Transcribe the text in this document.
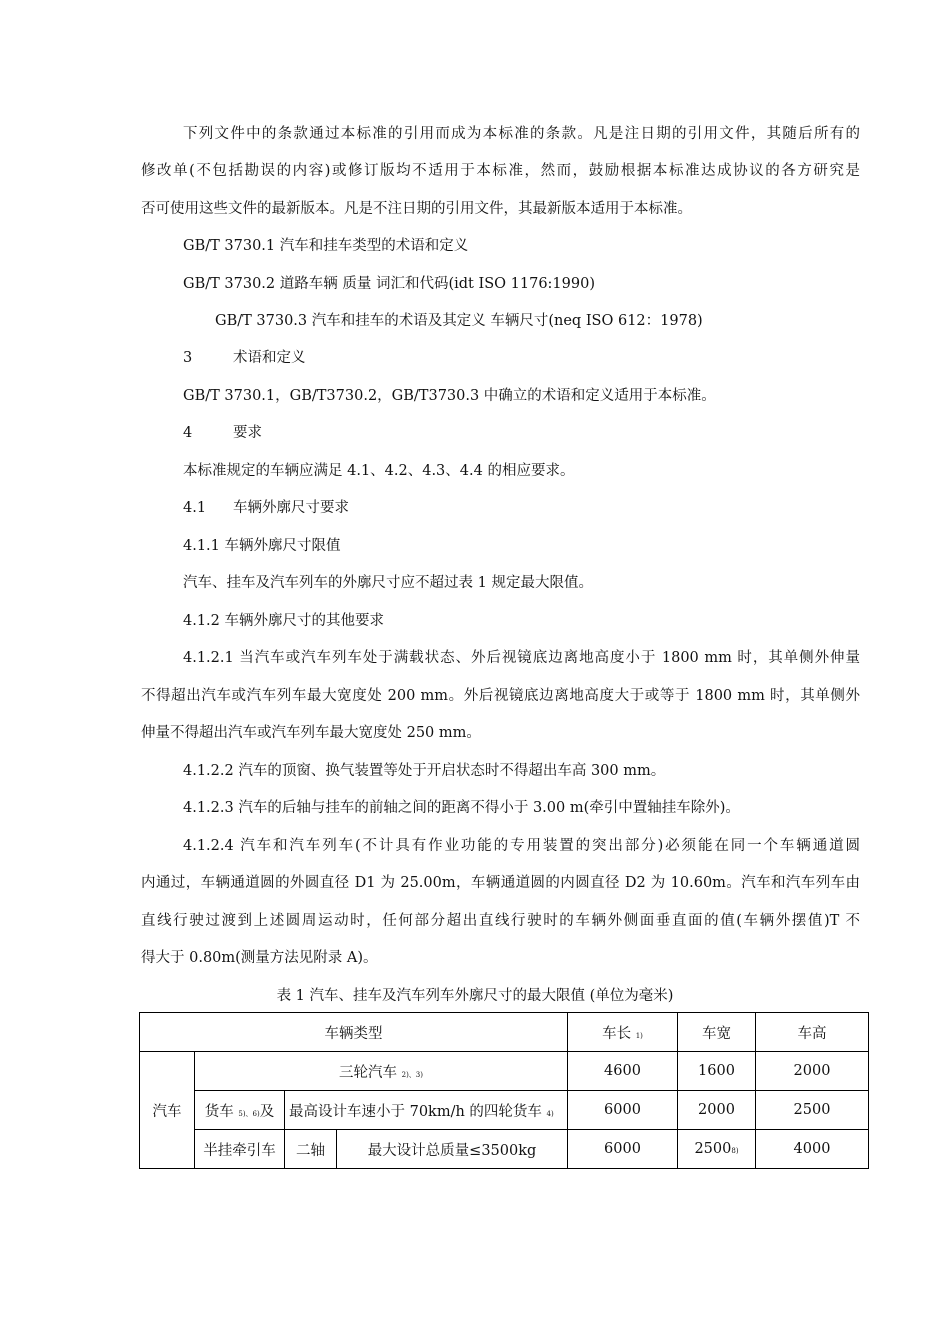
下列文件中的条款通过本标准的引用而成为本标准的条款。凡是注日期的引用文件，其随后所有的
修改单(不包括勘误的内容)或修订版均不适用于本标准，然而，鼓励根据本标准达成协议的各方研究是
否可使用这些文件的最新版本。凡是不注日期的引用文件，其最新版本适用于本标准。
GB/T 3730.1 汽车和挂车类型的术语和定义
GB/T 3730.2 道路车辆 质量 词汇和代码(idt ISO 1176:1990)
GB/T 3730.3 汽车和挂车的术语及其定义 车辆尺寸(neq ISO 612：1978)
3	术语和定义
GB/T 3730.1，GB/T3730.2，GB/T3730.3 中确立的术语和定义适用于本标准。
4	要求
本标准规定的车辆应满足 4.1、4.2、4.3、4.4 的相应要求。
4.1 车辆外廓尺寸要求
4.1.1 车辆外廓尺寸限值
汽车、挂车及汽车列车的外廓尺寸应不超过表 1 规定最大限值。
4.1.2 车辆外廓尺寸的其他要求
4.1.2.1 当汽车或汽车列车处于满载状态、外后视镜底边离地高度小于 1800 mm 时，其单侧外伸量
不得超出汽车或汽车列车最大宽度处 200 mm。外后视镜底边离地高度大于或等于 1800 mm 时，其单侧外
伸量不得超出汽车或汽车列车最大宽度处 250 mm。
4.1.2.2 汽车的顶窗、换气装置等处于开启状态时不得超出车高 300 mm。
4.1.2.3 汽车的后轴与挂车的前轴之间的距离不得小于 3.00 m(牵引中置轴挂车除外)。
4.1.2.4 汽车和汽车列车(不计具有作业功能的专用装置的突出部分)必须能在同一个车辆通道圆
内通过，车辆通道圆的外圆直径 D1 为 25.00m，车辆通道圆的内圆直径 D2 为 10.60m。汽车和汽车列车由
直线行驶过渡到上述圆周运动时，任何部分超出直线行驶时的车辆外侧面垂直面的值(车辆外摆值)T 不
得大于 0.80m(测量方法见附录 A)。
表 1 汽车、挂车及汽车列车外廓尺寸的最大限值 (单位为毫米)
车辆类型				车长 1)	车宽	车高
汽车	三轮汽车 2)、3)			4600	1600	2000
	货车 5)、6)及	最高设计车速小于 70km/h 的四轮货车 4)		6000	2000	2500
	半挂牵引车	二轴	最大设计总质量≤3500kg	6000	25008)	4000
